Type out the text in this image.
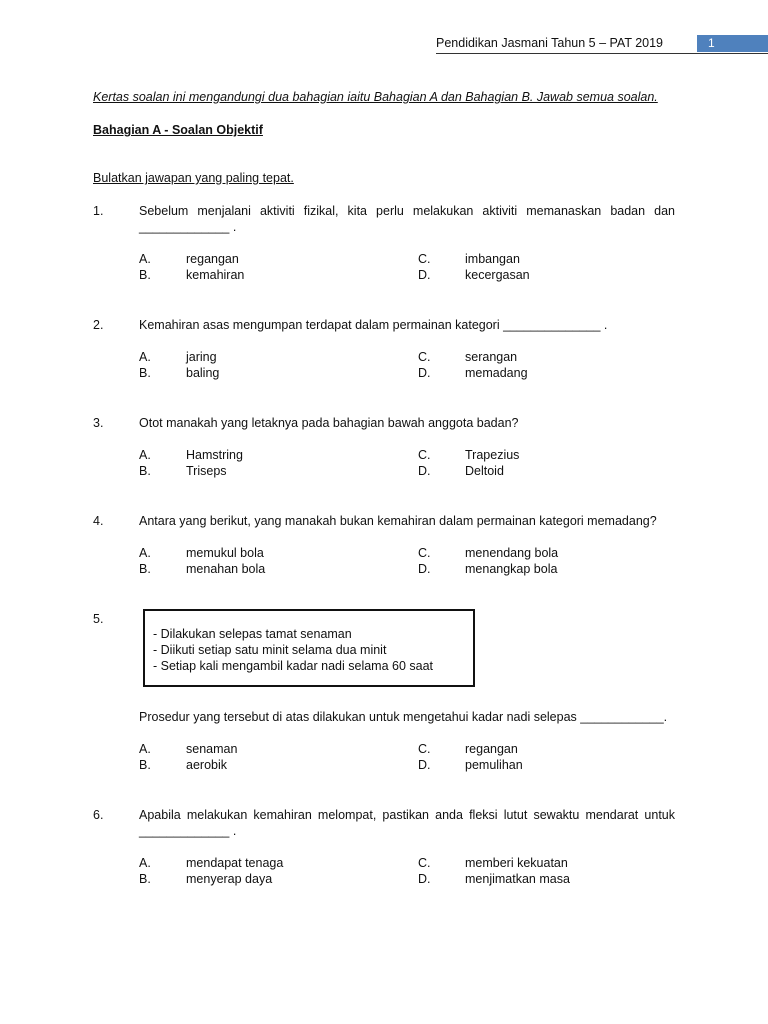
Pendidikan Jasmani Tahun 5 – PAT 2019	1
Kertas soalan ini mengandungi dua bahagian iaitu Bahagian A dan Bahagian B. Jawab semua soalan.
Bahagian A - Soalan Objektif
Bulatkan jawapan yang paling tepat.
1.	Sebelum menjalani aktiviti fizikal, kita perlu melakukan aktiviti memanaskan badan dan
_____________ .
A.	regangan
B.	kemahiran
C.	imbangan
D.	kecergasan
2.	Kemahiran asas mengumpan terdapat dalam permainan kategori ______________ .
A.	jaring
B.	baling
C.	serangan
D.	memadang
3.	Otot manakah yang letaknya pada bahagian bawah anggota badan?
A.	Hamstring
B.	Triseps
C.	Trapezius
D.	Deltoid
4.	Antara yang berikut, yang manakah bukan kemahiran dalam permainan kategori memadang?
A.	memukul bola
B.	menahan bola
C.	menendang bola
D.	menangkap bola
5.
- Dilakukan selepas tamat senaman
- Diikuti setiap satu minit selama dua minit
- Setiap kali mengambil kadar nadi selama 60 saat
Prosedur yang tersebut di atas dilakukan untuk mengetahui kadar nadi selepas ____________.
A.	senaman
B.	aerobik
C.	regangan
D.	pemulihan
6.	Apabila melakukan kemahiran melompat, pastikan anda fleksi lutut sewaktu mendarat untuk
_____________ .
A.	mendapat tenaga
B.	menyerap daya
C.	memberi kekuatan
D.	menjimatkan masa
